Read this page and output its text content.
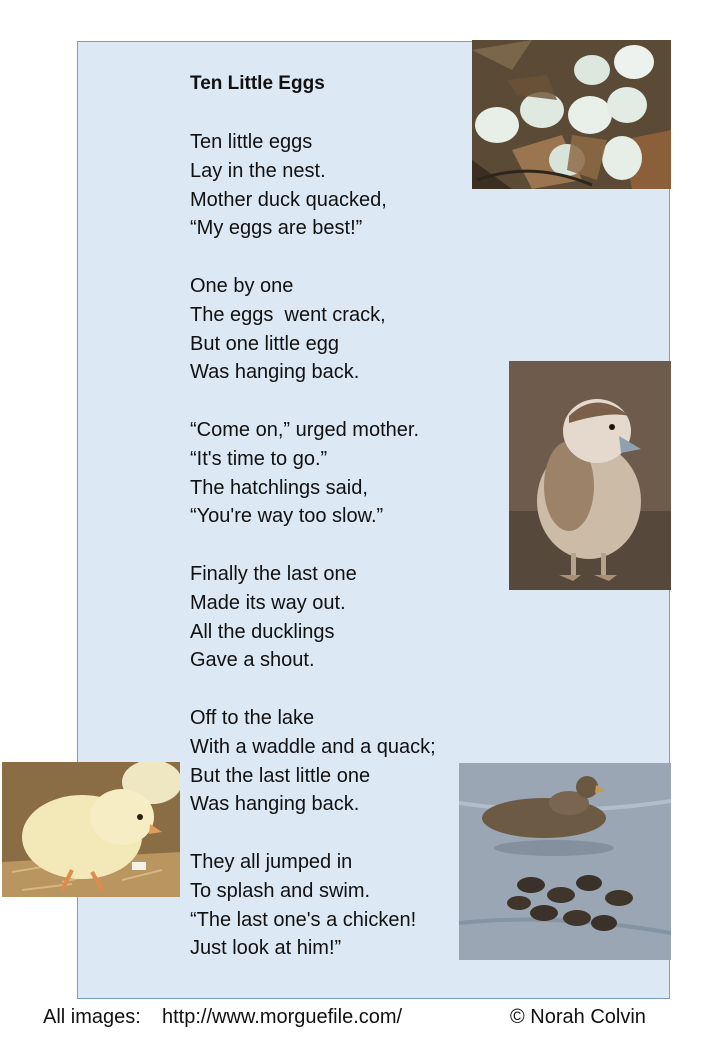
Ten Little Eggs
Ten little eggs
Lay in the nest.
Mother duck quacked,
“My eggs are best!”
One by one
The eggs  went crack,
But one little egg
Was hanging back.
“Come on,” urged mother.
“It's time to go.”
The hatchlings said,
“You're way too slow.”
Finally the last one
Made its way out.
All the ducklings
Gave a shout.
Off to the lake
With a waddle and a quack;
But the last little one
Was hanging back.
They all jumped in
To splash and swim.
“The last one's a chicken!
Just look at him!”
All images: http://www.morguefile.com/	© Norah Colvin
